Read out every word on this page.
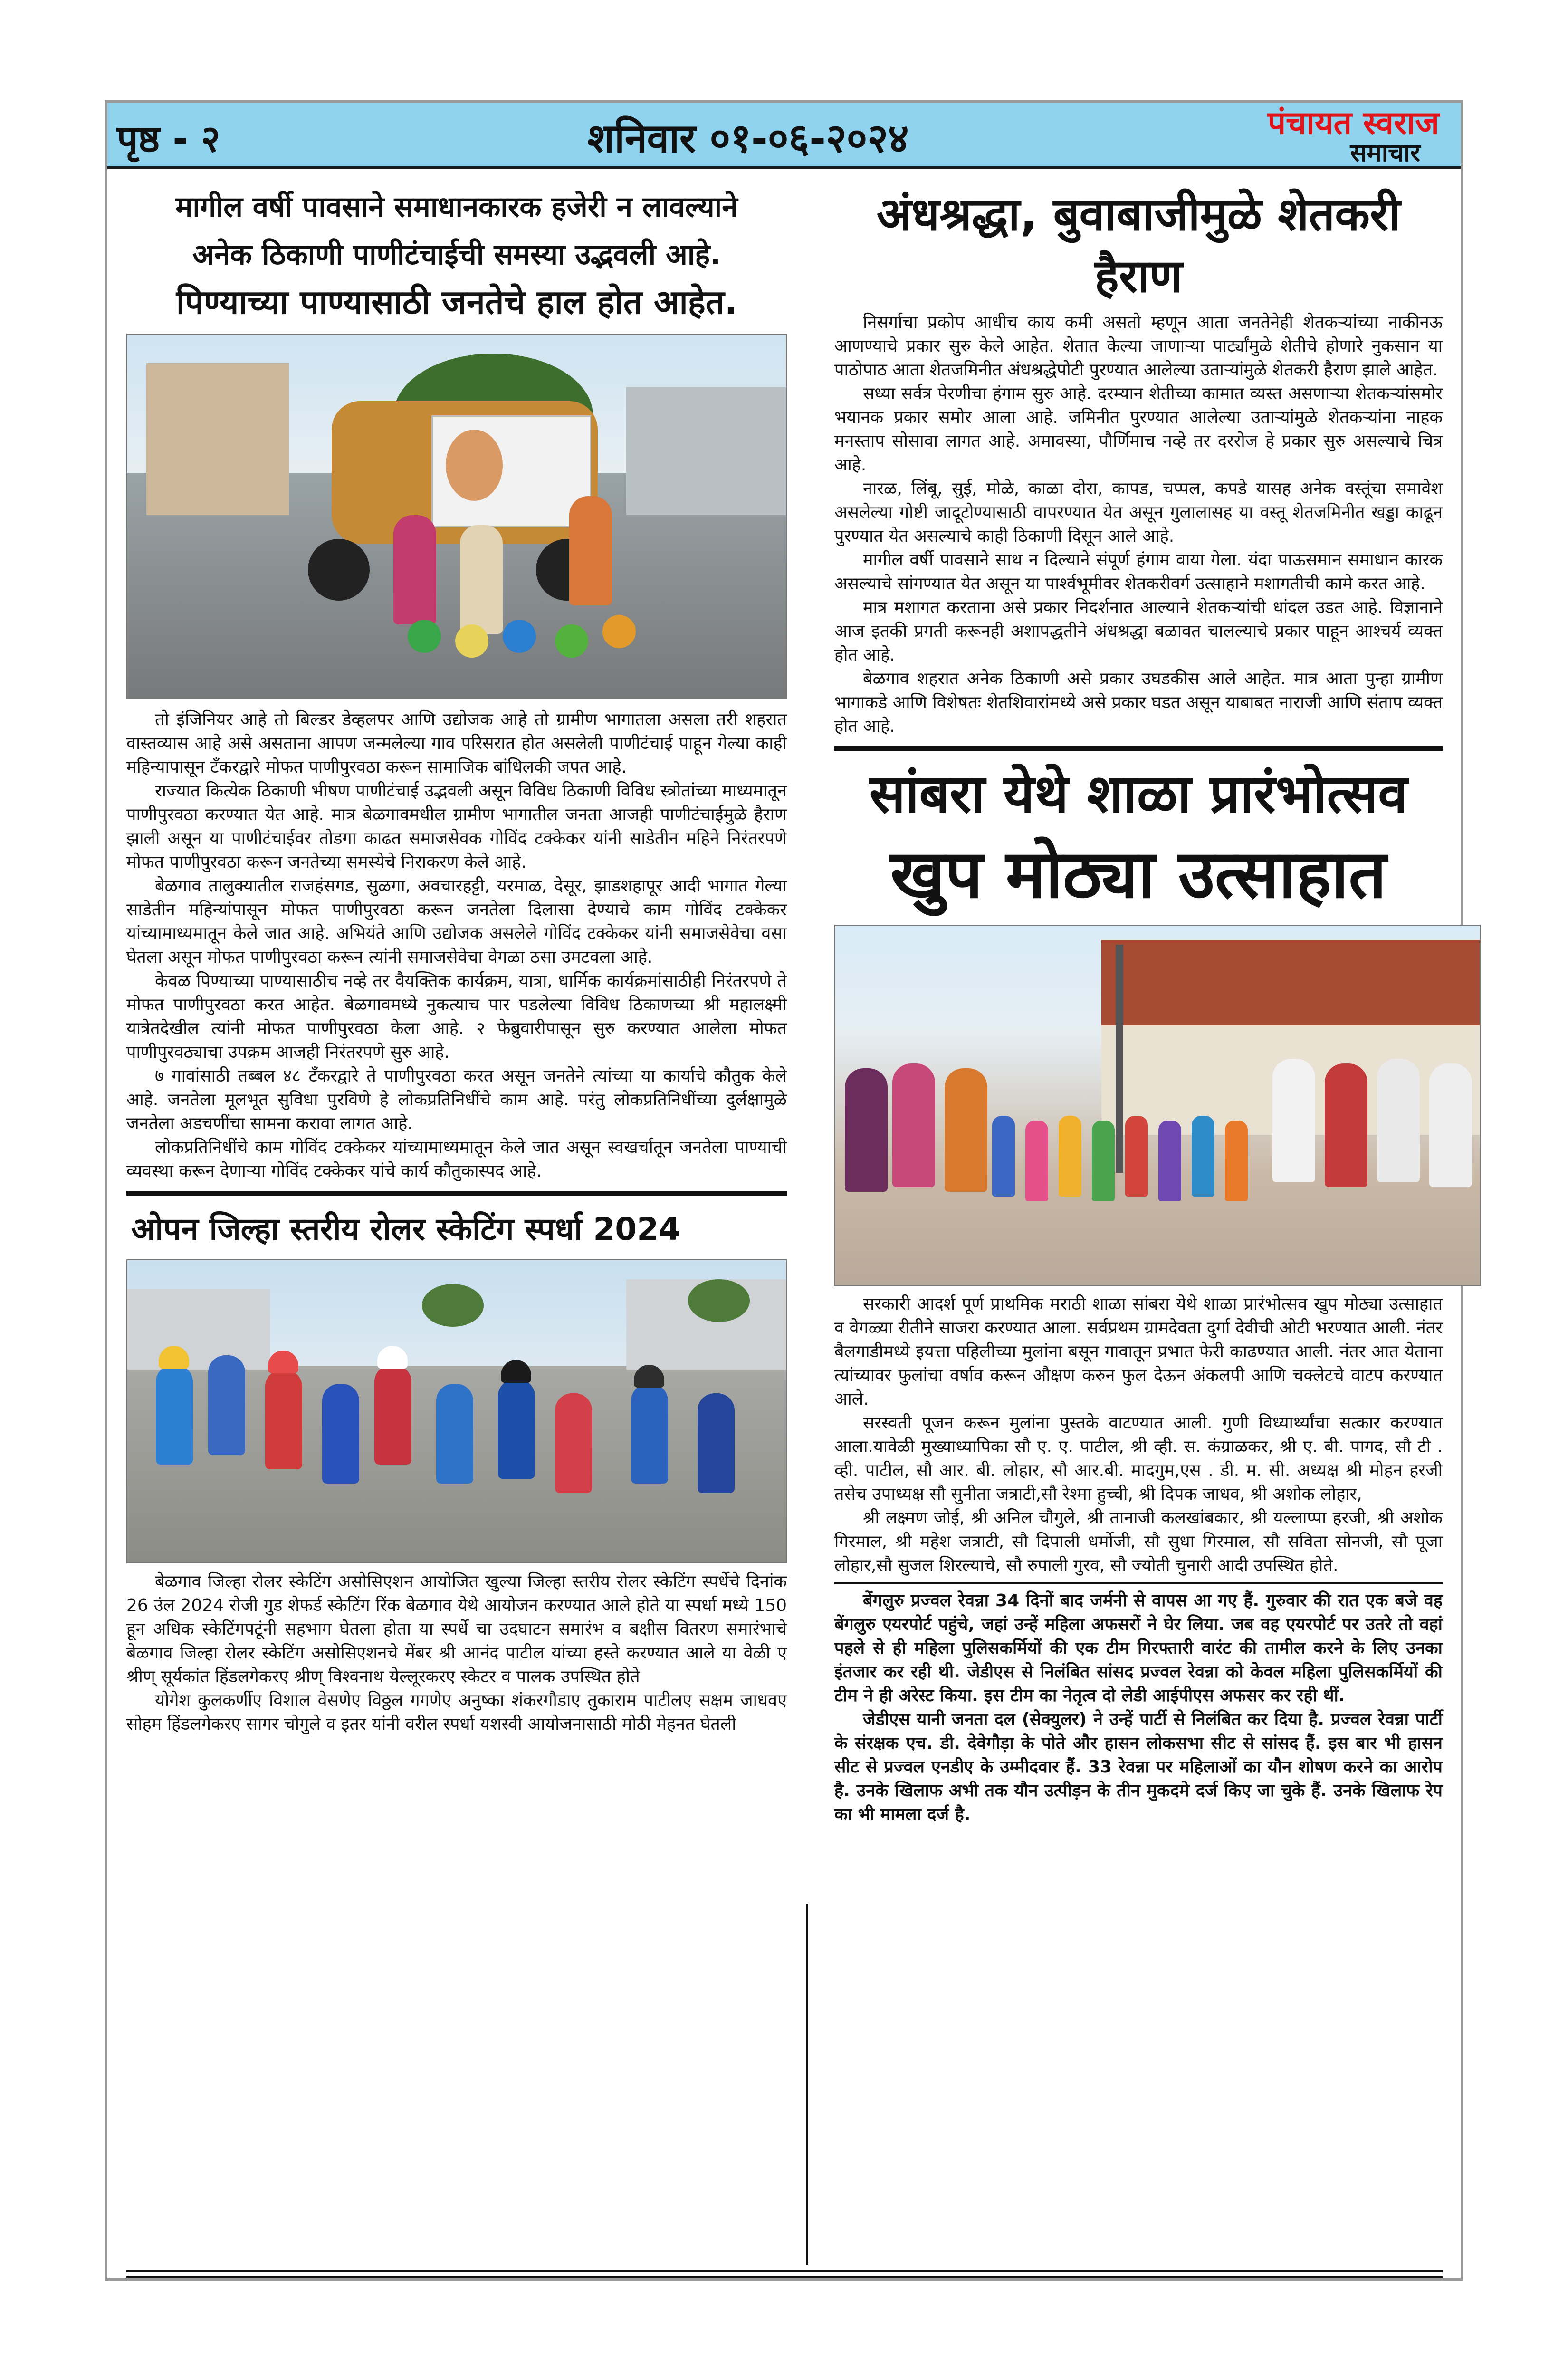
पृष्ठ - २	शनिवार ०१-०६-२०२४	पंचायत स्वराज
समाचार
मागील वर्षी पावसाने समाधानकारक हजेरी न लावल्याने
अनेक ठिकाणी पाणीटंचाईची समस्या उद्भवली आहे.
पिण्याच्या पाण्यासाठी जनतेचे हाल होत आहेत.

तो इंजिनियर आहे तो बिल्डर डेव्हलपर आणि उद्योजक आहे तो ग्रामीण भागातला असला तरी शहरात वास्तव्यास आहे असे असताना आपण जन्मलेल्या गाव परिसरात होत असलेली पाणीटंचाई पाहून गेल्या काही महिन्यापासून टँकरद्वारे मोफत पाणीपुरवठा करून सामाजिक बांधिलकी जपत आहे.

राज्यात कित्येक ठिकाणी भीषण पाणीटंचाई उद्भवली असून विविध ठिकाणी विविध स्त्रोतांच्या माध्यमातून पाणीपुरवठा करण्यात येत आहे. मात्र बेळगावमधील ग्रामीण भागातील जनता आजही पाणीटंचाईमुळे हैराण झाली असून या पाणीटंचाईवर तोडगा काढत समाजसेवक गोविंद टक्केकर यांनी साडेतीन महिने निरंतरपणे मोफत पाणीपुरवठा करून जनतेच्या समस्येचे निराकरण केले आहे.

बेळगाव तालुक्यातील राजहंसगड, सुळगा, अवचारहट्टी, यरमाळ, देसूर, झाडशहापूर आदी भागात गेल्या साडेतीन महिन्यांपासून मोफत पाणीपुरवठा करून जनतेला दिलासा देण्याचे काम गोविंद टक्केकर यांच्यामाध्यमातून केले जात आहे. अभियंते आणि उद्योजक असलेले गोविंद टक्केकर यांनी समाजसेवेचा वसा घेतला असून मोफत पाणीपुरवठा करून त्यांनी समाजसेवेचा वेगळा ठसा उमटवला आहे.

केवळ पिण्याच्या पाण्यासाठीच नव्हे तर वैयक्तिक कार्यक्रम, यात्रा, धार्मिक कार्यक्रमांसाठीही निरंतरपणे ते मोफत पाणीपुरवठा करत आहेत. बेळगावमध्ये नुकत्याच पार पडलेल्या विविध ठिकाणच्या श्री महालक्ष्मी यात्रेतदेखील त्यांनी मोफत पाणीपुरवठा केला आहे. २ फेब्रुवारीपासून सुरु करण्यात आलेला मोफत पाणीपुरवठ्याचा उपक्रम आजही निरंतरपणे सुरु आहे.

७ गावांसाठी तब्बल ४८ टँकरद्वारे ते पाणीपुरवठा करत असून जनतेने त्यांच्या या कार्याचे कौतुक केले आहे. जनतेला मूलभूत सुविधा पुरविणे हे लोकप्रतिनिधींचे काम आहे. परंतु लोकप्रतिनिधींच्या दुर्लक्षामुळे जनतेला अडचणींचा सामना करावा लागत आहे.

लोकप्रतिनिधींचे काम गोविंद टक्केकर यांच्यामाध्यमातून केले जात असून स्वखर्चातून जनतेला पाण्याची व्यवस्था करून देणाऱ्या गोविंद टक्केकर यांचे कार्य कौतुकास्पद आहे.

ओपन जिल्हा स्तरीय रोलर स्केटिंग स्पर्धा 2024

बेळगाव जिल्हा रोलर स्केटिंग असोसिएशन आयोजित खुल्या जिल्हा स्तरीय रोलर स्केटिंग स्पर्धेचे दिनांक 26 उंल 2024 रोजी गुड शेफर्ड स्केटिंग रिंक बेळगाव येथे आयोजन करण्यात आले होते या स्पर्धा मध्ये 150 हून अधिक स्केटिंगपटूंनी सहभाग घेतला होता या स्पर्धे चा उदघाटन समारंभ व बक्षीस वितरण समारंभाचे बेळगाव जिल्हा रोलर स्केटिंग असोसिएशनचे मेंबर श्री आनंद पाटील यांच्या हस्ते करण्यात आले या वेळी ए श्रीण् सूर्यकांत हिंडलगेकरए श्रीण् विश्वनाथ येल्लूरकरए स्केटर व पालक उपस्थित होते

योगेश कुलकर्णीए विशाल वेसणेए विठ्ठल गगणेए अनुष्का शंकरगौडाए तुकाराम पाटीलए सक्षम जाधवए सोहम हिंडलगेकरए सागर चोगुले व इतर यांनी वरील स्पर्धा यशस्वी आयोजनासाठी मोठी मेहनत घेतली

अंधश्रद्धा, बुवाबाजीमुळे शेतकरी हैराण

निसर्गाचा प्रकोप आधीच काय कमी असतो म्हणून आता जनतेनेही शेतकऱ्यांच्या नाकीनऊ आणण्याचे प्रकार सुरु केले आहेत. शेतात केल्या जाणाऱ्या पार्ट्यांमुळे शेतीचे होणारे नुकसान या पाठोपाठ आता शेतजमिनीत अंधश्रद्धेपोटी पुरण्यात आलेल्या उताऱ्यांमुळे शेतकरी हैराण झाले आहेत.

सध्या सर्वत्र पेरणीचा हंगाम सुरु आहे. दरम्यान शेतीच्या कामात व्यस्त असणाऱ्या शेतकऱ्यांसमोर भयानक प्रकार समोर आला आहे. जमिनीत पुरण्यात आलेल्या उताऱ्यांमुळे शेतकऱ्यांना नाहक मनस्ताप सोसावा लागत आहे. अमावस्या, पौर्णिमाच नव्हे तर दररोज हे प्रकार सुरु असल्याचे चित्र आहे.

नारळ, लिंबू, सुई, मोळे, काळा दोरा, कापड, चप्पल, कपडे यासह अनेक वस्तूंचा समावेश असलेल्या गोष्टी जादूटोण्यासाठी वापरण्यात येत असून गुलालासह या वस्तू शेतजमिनीत खड्डा काढून पुरण्यात येत असल्याचे काही ठिकाणी दिसून आले आहे.

मागील वर्षी पावसाने साथ न दिल्याने संपूर्ण हंगाम वाया गेला. यंदा पाऊसमान समाधान कारक असल्याचे सांगण्यात येत असून या पार्श्वभूमीवर शेतकरीवर्ग उत्साहाने मशागतीची कामे करत आहे.

मात्र मशागत करताना असे प्रकार निदर्शनात आल्याने शेतकऱ्यांची धांदल उडत आहे. विज्ञानाने आज इतकी प्रगती करूनही अशापद्धतीने अंधश्रद्धा बळावत चालल्याचे प्रकार पाहून आश्चर्य व्यक्त होत आहे.

बेळगाव शहरात अनेक ठिकाणी असे प्रकार उघडकीस आले आहेत. मात्र आता पुन्हा ग्रामीण भागाकडे आणि विशेषतः शेतशिवारांमध्ये असे प्रकार घडत असून याबाबत नाराजी आणि संताप व्यक्त होत आहे.

सांबरा येथे शाळा प्रारंभोत्सव
खुप मोठ्या उत्साहात

सरकारी आदर्श पूर्ण प्राथमिक मराठी शाळा सांबरा येथे शाळा प्रारंभोत्सव खुप मोठ्या उत्साहात व वेगळ्या रीतीने साजरा करण्यात आला. सर्वप्रथम ग्रामदेवता दुर्गा देवीची ओटी भरण्यात आली. नंतर बैलगाडीमध्ये इयत्ता पहिलीच्या मुलांना बसून गावातून प्रभात फेरी काढण्यात आली. नंतर आत येताना त्यांच्यावर फुलांचा वर्षाव करून औक्षण करुन फुल देऊन अंकलपी आणि चक्लेटचे वाटप करण्यात आले.

सरस्वती पूजन करून मुलांना पुस्तके वाटण्यात आली. गुणी विध्यार्थ्यांचा सत्कार करण्यात आला.यावेळी मुख्याध्यापिका सौ ए. ए. पाटील, श्री व्ही. स. कंग्राळकर, श्री ए. बी. पागद, सौ टी . व्ही. पाटील, सौ आर. बी. लोहार, सौ आर.बी. मादगुम,एस . डी. म. सी. अध्यक्ष श्री मोहन हरजी तसेच उपाध्यक्ष सौ सुनीता जत्राटी,सौ रेश्मा हुच्ची, श्री दिपक जाधव, श्री अशोक लोहार,

श्री लक्ष्मण जोई, श्री अनिल चौगुले, श्री तानाजी कलखांबकार, श्री यल्लाप्पा हरजी, श्री अशोक गिरमाल, श्री महेश जत्राटी, सौ दिपाली धर्मोजी, सौ सुधा गिरमाल, सौ सविता सोनजी, सौ पूजा लोहार,सौ सुजल शिरल्याचे, सौ रुपाली गुरव, सौ ज्योती चुनारी आदी उपस्थित होते.

बेंगलुरु प्रज्वल रेवन्ना 34 दिनों बाद जर्मनी से वापस आ गए हैं. गुरुवार की रात एक बजे वह बेंगलुरु एयरपोर्ट पहुंचे, जहां उन्हें महिला अफसरों ने घेर लिया. जब वह एयरपोर्ट पर उतरे तो वहां पहले से ही महिला पुलिसकर्मियों की एक टीम गिरफ्तारी वारंट की तामील करने के लिए उनका इंतजार कर रही थी. जेडीएस से निलंबित सांसद प्रज्वल रेवन्ना को केवल महिला पुलिसकर्मियों की टीम ने ही अरेस्ट किया. इस टीम का नेतृत्व दो लेडी आईपीएस अफसर कर रही थीं.

जेडीएस यानी जनता दल (सेक्युलर) ने उन्हें पार्टी से निलंबित कर दिया है. प्रज्वल रेवन्ना पार्टी के संरक्षक एच. डी. देवेगौड़ा के पोते और हासन लोकसभा सीट से सांसद हैं. इस बार भी हासन सीट से प्रज्वल एनडीए के उम्मीदवार हैं. 33 रेवन्ना पर महिलाओं का यौन शोषण करने का आरोप है. उनके खिलाफ अभी तक यौन उत्पीड़न के तीन मुकदमे दर्ज किए जा चुके हैं. उनके खिलाफ रेप का भी मामला दर्ज है.
